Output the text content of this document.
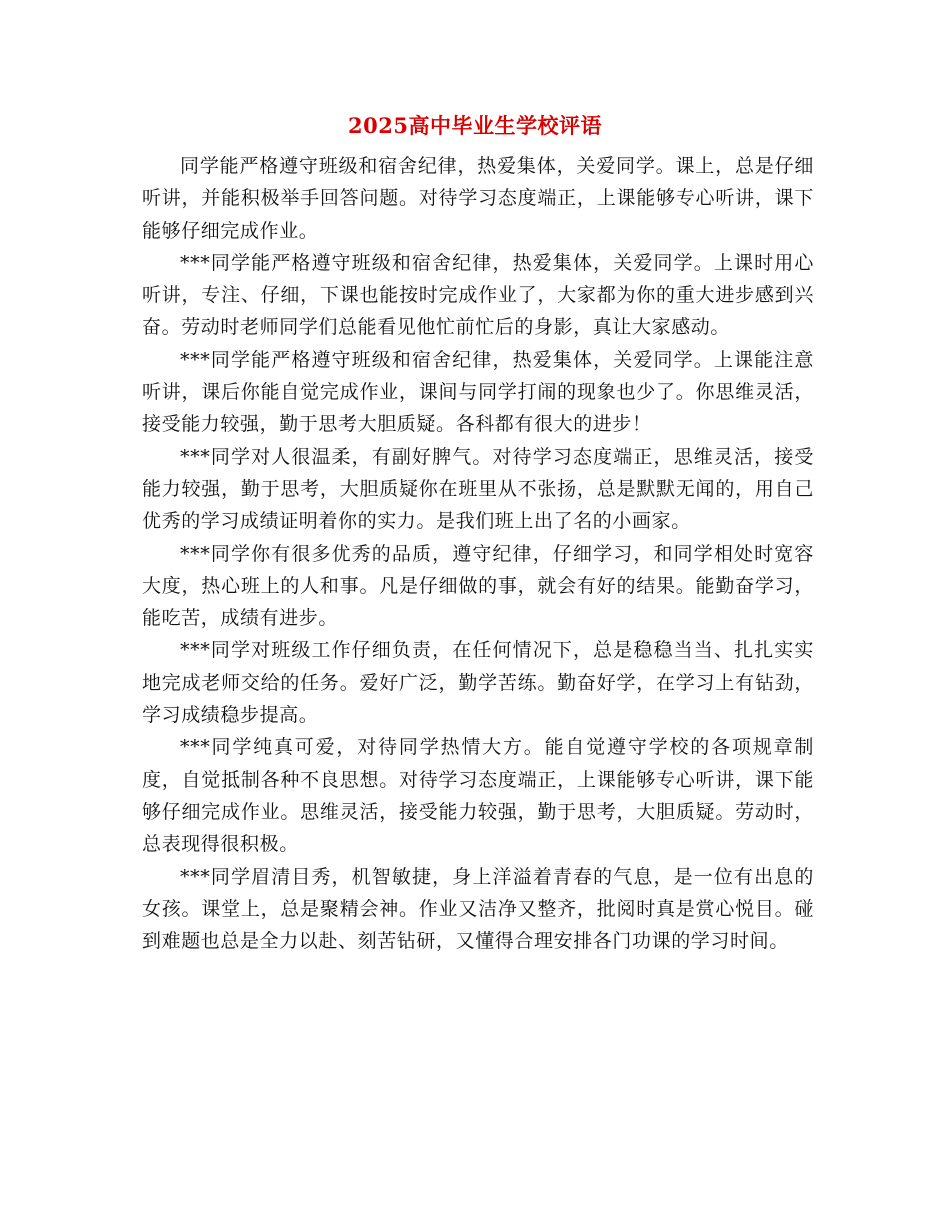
2025高中毕业生学校评语

同学能严格遵守班级和宿舍纪律，热爱集体，关爱同学。课上，总是仔细听讲，并能积极举手回答问题。对待学习态度端正，上课能够专心听讲，课下能够仔细完成作业。

***同学能严格遵守班级和宿舍纪律，热爱集体，关爱同学。上课时用心听讲，专注、仔细，下课也能按时完成作业了，大家都为你的重大进步感到兴奋。劳动时老师同学们总能看见他忙前忙后的身影，真让大家感动。

***同学能严格遵守班级和宿舍纪律，热爱集体，关爱同学。上课能注意听讲，课后你能自觉完成作业，课间与同学打闹的现象也少了。你思维灵活，接受能力较强，勤于思考大胆质疑。各科都有很大的进步！

***同学对人很温柔，有副好脾气。对待学习态度端正，思维灵活，接受能力较强，勤于思考，大胆质疑你在班里从不张扬，总是默默无闻的，用自己优秀的学习成绩证明着你的实力。是我们班上出了名的小画家。

***同学你有很多优秀的品质，遵守纪律，仔细学习，和同学相处时宽容大度，热心班上的人和事。凡是仔细做的事，就会有好的结果。能勤奋学习，能吃苦，成绩有进步。

***同学对班级工作仔细负责，在任何情况下，总是稳稳当当、扎扎实实地完成老师交给的任务。爱好广泛，勤学苦练。勤奋好学，在学习上有钻劲，学习成绩稳步提高。

***同学纯真可爱，对待同学热情大方。能自觉遵守学校的各项规章制度，自觉抵制各种不良思想。对待学习态度端正，上课能够专心听讲，课下能够仔细完成作业。思维灵活，接受能力较强，勤于思考，大胆质疑。劳动时，总表现得很积极。

***同学眉清目秀，机智敏捷，身上洋溢着青春的气息，是一位有出息的女孩。课堂上，总是聚精会神。作业又洁净又整齐，批阅时真是赏心悦目。碰到难题也总是全力以赴、刻苦钻研，又懂得合理安排各门功课的学习时间。
